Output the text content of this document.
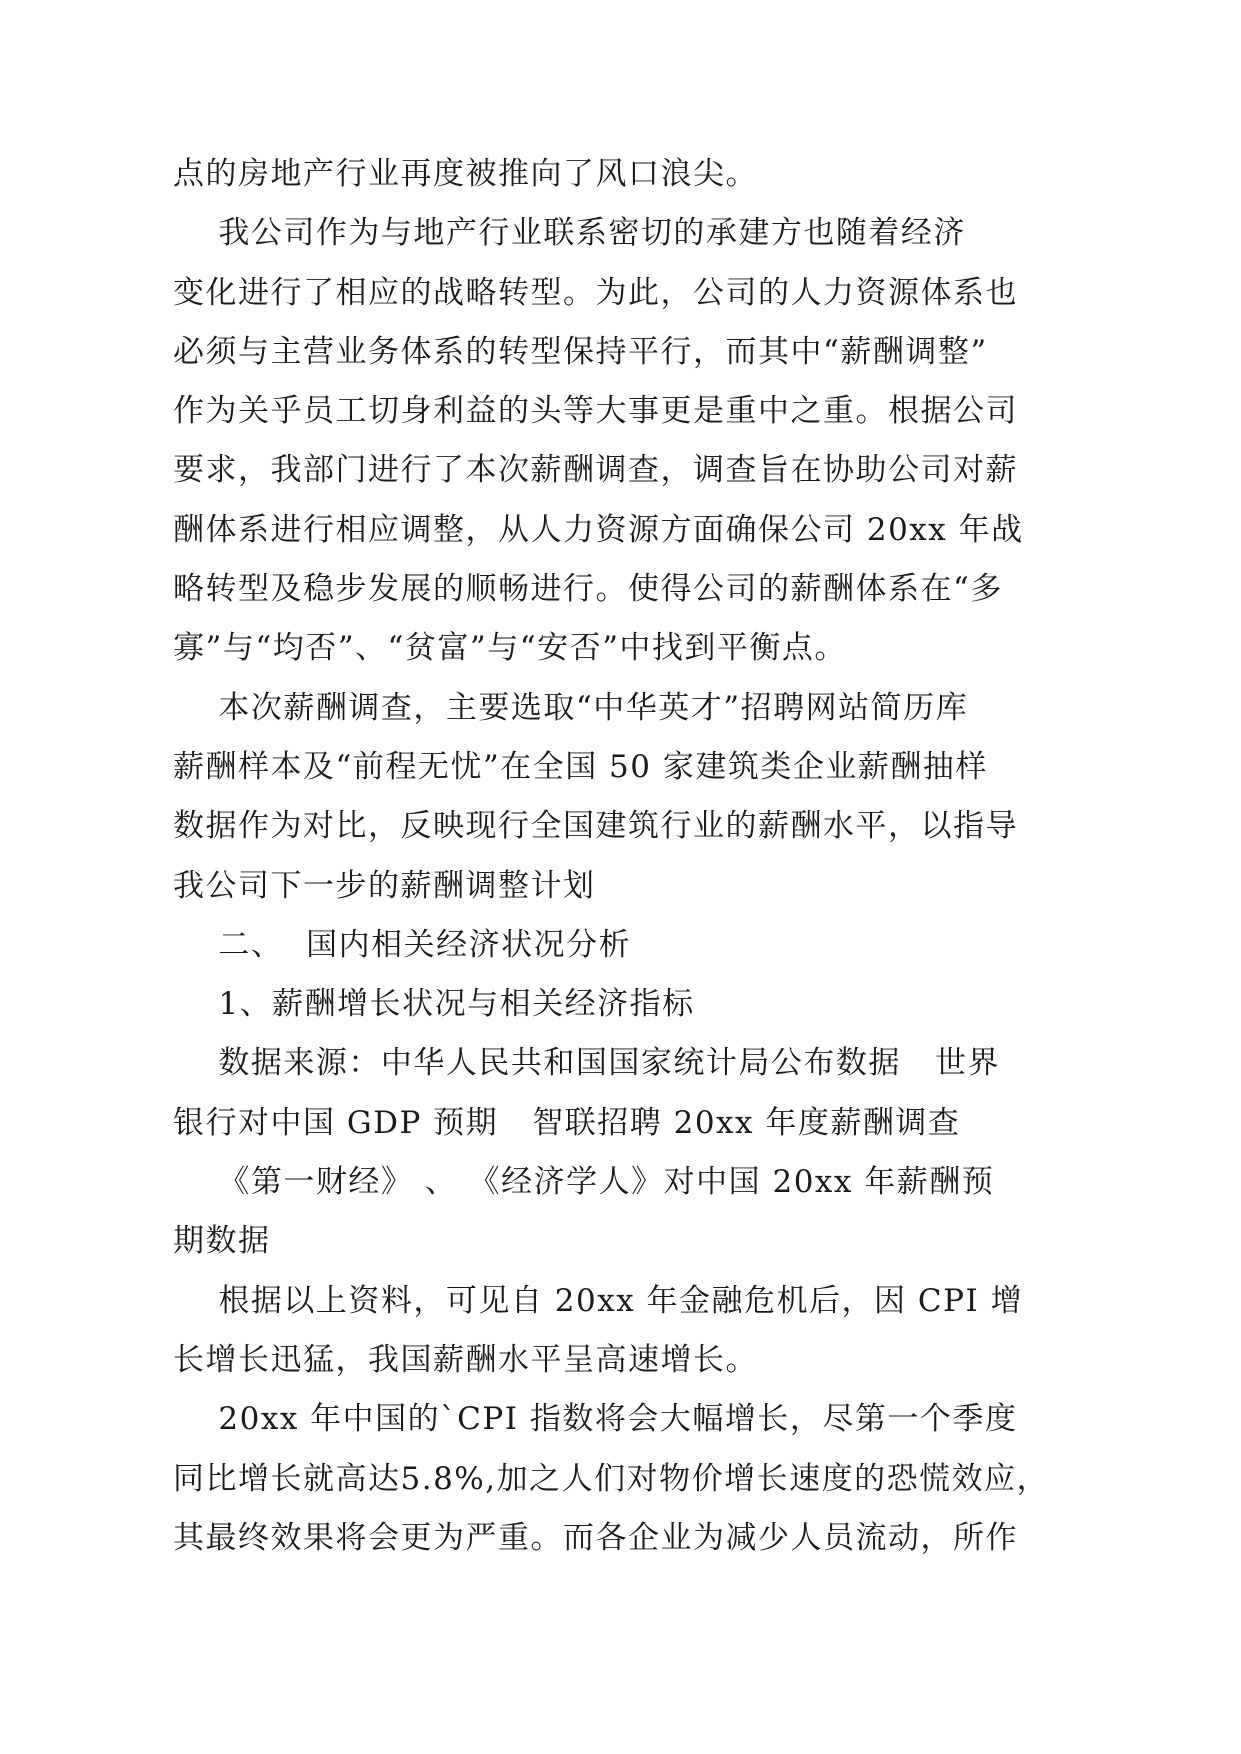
点的房地产行业再度被推向了风口浪尖。
我公司作为与地产行业联系密切的承建方也随着经济
变化进行了相应的战略转型。为此，公司的人力资源体系也
必须与主营业务体系的转型保持平行，而其中“薪酬调整”
作为关乎员工切身利益的头等大事更是重中之重。根据公司
要求，我部门进行了本次薪酬调查，调查旨在协助公司对薪
酬体系进行相应调整，从人力资源方面确保公司 20xx 年战
略转型及稳步发展的顺畅进行。使得公司的薪酬体系在“多
寡”与“均否”、“贫富”与“安否”中找到平衡点。
本次薪酬调查，主要选取“中华英才”招聘网站简历库
薪酬样本及“前程无忧”在全国 50 家建筑类企业薪酬抽样
数据作为对比，反映现行全国建筑行业的薪酬水平，以指导
我公司下一步的薪酬调整计划
二、  国内相关经济状况分析
1、薪酬增长状况与相关经济指标
数据来源：中华人民共和国国家统计局公布数据   世界
银行对中国 GDP 预期   智联招聘 20xx 年度薪酬调查
《第一财经》 、 《经济学人》对中国 20xx 年薪酬预
期数据
根据以上资料，可见自 20xx 年金融危机后，因 CPI 增
长增长迅猛，我国薪酬水平呈高速增长。
20xx 年中国的`CPI 指数将会大幅增长，尽第一个季度
同比增长就高达5.8%,加之人们对物价增长速度的恐慌效应，
其最终效果将会更为严重。而各企业为减少人员流动，所作
